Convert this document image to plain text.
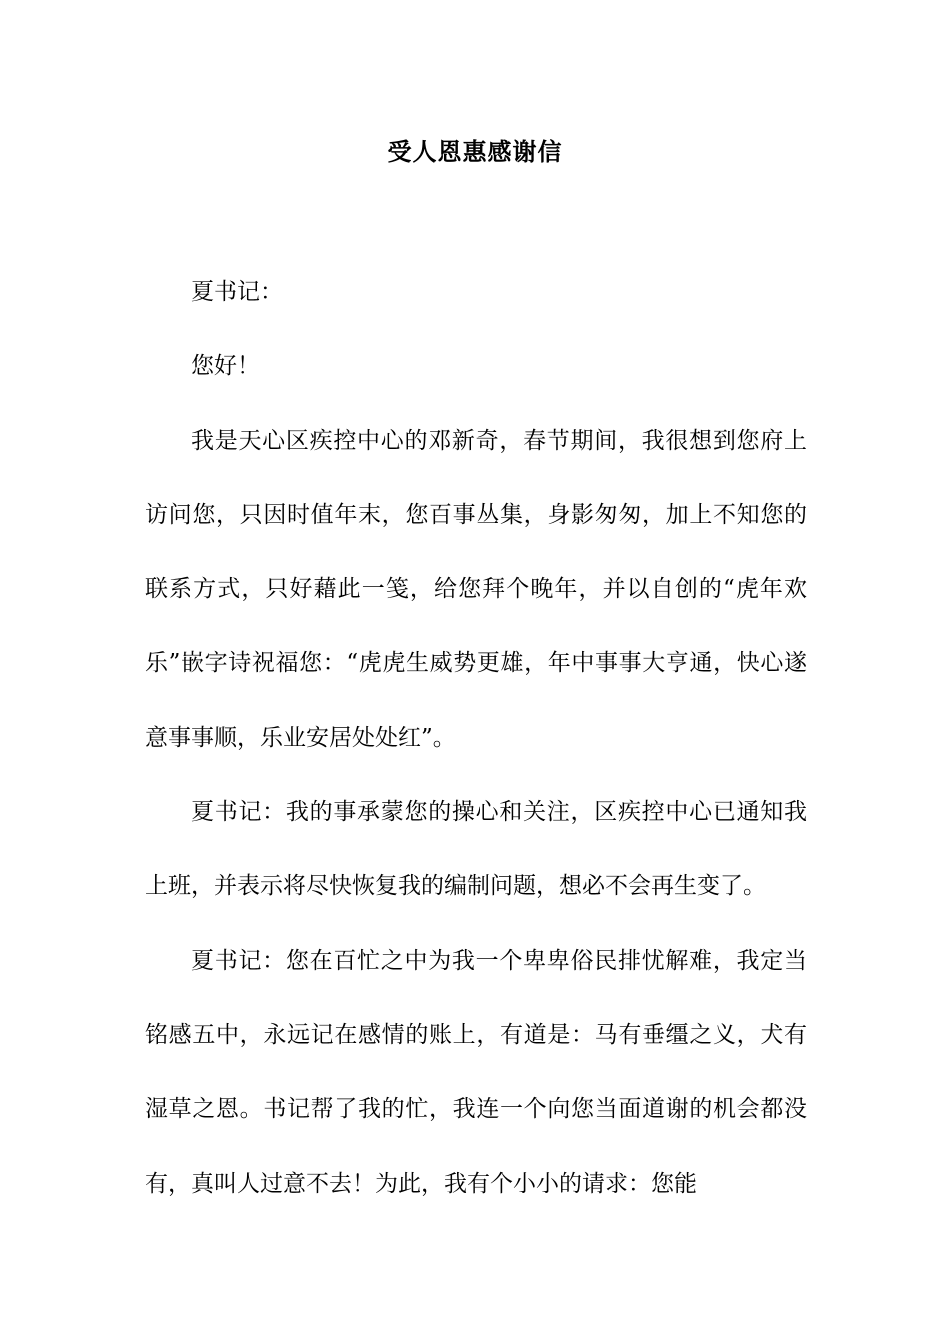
受人恩惠感谢信

夏书记：

您好！

我是天心区疾控中心的邓新奇，春节期间，我很想到您府上访问您，只因时值年末，您百事丛集，身影匆匆，加上不知您的联系方式，只好藉此一笺，给您拜个晚年，并以自创的“虎年欢乐”嵌字诗祝福您：“虎虎生威势更雄，年中事事大亨通，快心遂意事事顺，乐业安居处处红”。

夏书记：我的事承蒙您的操心和关注，区疾控中心已通知我上班，并表示将尽快恢复我的编制问题，想必不会再生变了。

夏书记：您在百忙之中为我一个卑卑俗民排忧解难，我定当铭感五中，永远记在感情的账上，有道是：马有垂缰之义，犬有湿草之恩。书记帮了我的忙，我连一个向您当面道谢的机会都没有，真叫人过意不去！为此，我有个小小的请求：您能
